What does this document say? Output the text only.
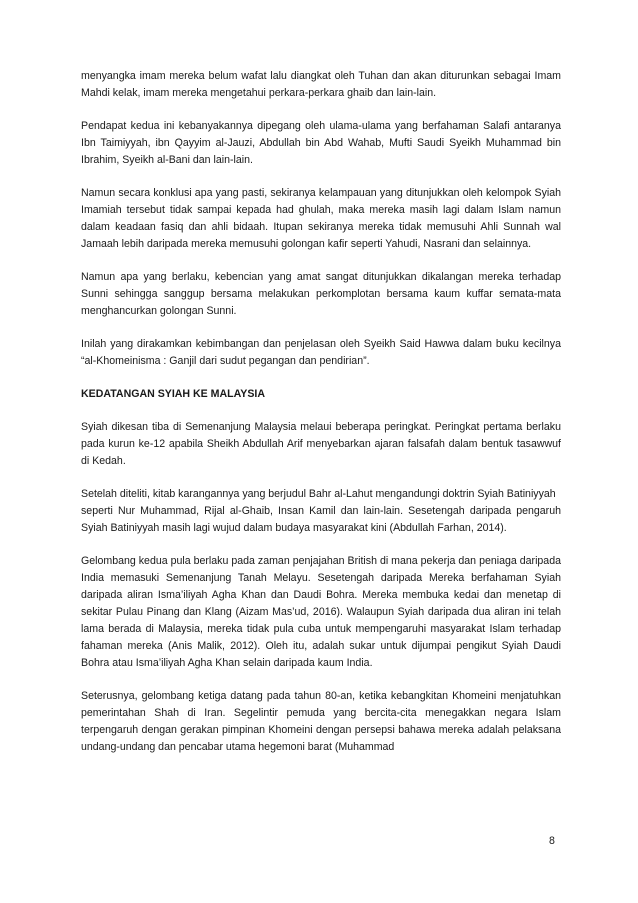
menyangka imam mereka belum wafat lalu diangkat oleh Tuhan dan akan diturunkan sebagai Imam Mahdi kelak, imam mereka mengetahui perkara-perkara ghaib dan lain-lain.

Pendapat kedua ini kebanyakannya dipegang oleh ulama-ulama yang berfahaman Salafi antaranya Ibn Taimiyyah, ibn Qayyim al-Jauzi, Abdullah bin Abd Wahab, Mufti Saudi Syeikh Muhammad bin Ibrahim, Syeikh al-Bani dan lain-lain.

Namun secara konklusi apa yang pasti, sekiranya kelampauan yang ditunjukkan oleh kelompok Syiah Imamiah tersebut tidak sampai kepada had ghulah, maka mereka masih lagi dalam Islam namun dalam keadaan fasiq dan ahli bidaah. Itupan sekiranya mereka tidak memusuhi Ahli Sunnah wal Jamaah lebih daripada mereka memusuhi golongan kafir seperti Yahudi, Nasrani dan selainnya.

Namun apa yang berlaku, kebencian yang amat sangat ditunjukkan dikalangan mereka terhadap Sunni sehingga sanggup bersama melakukan perkomplotan bersama kaum kuffar semata-mata menghancurkan golongan Sunni.

Inilah yang dirakamkan kebimbangan dan penjelasan oleh Syeikh Said Hawwa dalam buku kecilnya “al-Khomeinisma : Ganjil dari sudut pegangan dan pendirian”.

KEDATANGAN SYIAH KE MALAYSIA

Syiah dikesan tiba di Semenanjung Malaysia melaui beberapa peringkat. Peringkat pertama berlaku pada kurun ke-12 apabila Sheikh Abdullah Arif menyebarkan ajaran falsafah dalam bentuk tasawwuf di Kedah.

Setelah diteliti, kitab karangannya yang berjudul Bahr al-Lahut mengandungi doktrin Syiah Batiniyyah

seperti Nur Muhammad, Rijal al-Ghaib, Insan Kamil dan lain-lain. Sesetengah daripada pengaruh Syiah Batiniyyah masih lagi wujud dalam budaya masyarakat kini (Abdullah Farhan, 2014).

Gelombang kedua pula berlaku pada zaman penjajahan British di mana pekerja dan peniaga daripada India memasuki Semenanjung Tanah Melayu. Sesetengah daripada Mereka berfahaman Syiah daripada aliran Isma’iliyah Agha Khan dan Daudi Bohra. Mereka membuka kedai dan menetap di sekitar Pulau Pinang dan Klang (Aizam Mas’ud, 2016). Walaupun Syiah daripada dua aliran ini telah lama berada di Malaysia, mereka tidak pula cuba untuk mempengaruhi masyarakat Islam terhadap fahaman mereka (Anis Malik, 2012). Oleh itu, adalah sukar untuk dijumpai pengikut Syiah Daudi Bohra atau Isma’iliyah Agha Khan selain daripada kaum India.

Seterusnya, gelombang ketiga datang pada tahun 80-an, ketika kebangkitan Khomeini menjatuhkan pemerintahan Shah di Iran. Segelintir pemuda yang bercita-cita menegakkan negara Islam terpengaruh dengan gerakan pimpinan Khomeini dengan persepsi bahawa mereka adalah pelaksana undang-undang dan pencabar utama hegemoni barat (Muhammad

8
